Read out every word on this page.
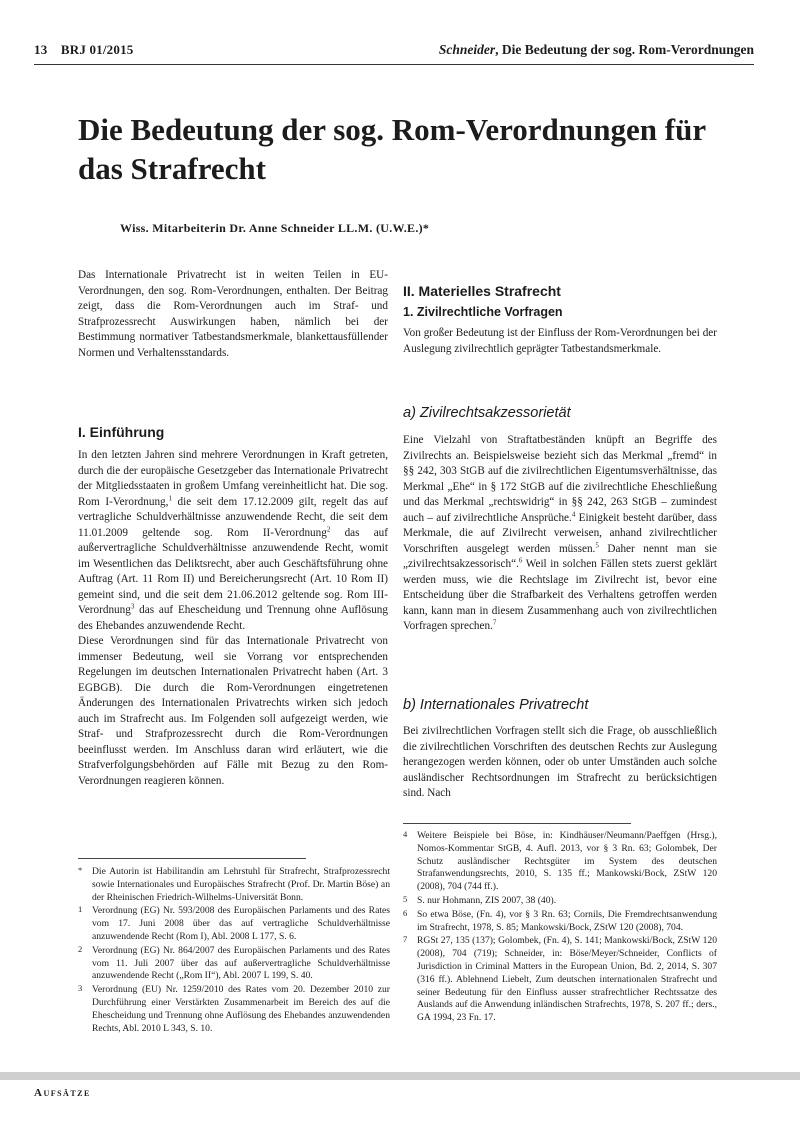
13 BRJ 01/2015	Schneider, Die Bedeutung der sog. Rom-Verordnungen
Die Bedeutung der sog. Rom-Verordnungen für das Strafrecht
Wiss. Mitarbeiterin Dr. Anne Schneider LL.M. (U.W.E.)*
Das Internationale Privatrecht ist in weiten Teilen in EU-Verordnungen, den sog. Rom-Verordnungen, enthalten. Der Beitrag zeigt, dass die Rom-Verordnungen auch im Straf- und Strafprozessrecht Auswirkungen haben, nämlich bei der Bestimmung normativer Tatbestandsmerkmale, blankettausfüllender Normen und Verhaltensstandards.
I. Einführung

In den letzten Jahren sind mehrere Verordnungen in Kraft getreten, durch die der europäische Gesetzgeber das Internationale Privatrecht der Mitgliedsstaaten in großem Umfang vereinheitlicht hat. Die sog. Rom I-Verordnung,$^1$ die seit dem 17.12.2009 gilt, regelt das auf vertragliche Schuldverhältnisse anzuwendende Recht, die seit dem 11.01.2009 geltende sog. Rom II-Verordnung$^2$ das auf außervertragliche Schuldverhältnisse anzuwendende Recht, womit im Wesentlichen das Deliktsrecht, aber auch Geschäftsführung ohne Auftrag (Art. 11 Rom II) und Bereicherungsrecht (Art. 10 Rom II) gemeint sind, und die seit dem 21.06.2012 geltende sog. Rom III-Verordnung$^3$ das auf Ehescheidung und Trennung ohne Auflösung des Ehebandes anzuwendende Recht.

Diese Verordnungen sind für das Internationale Privatrecht von immenser Bedeutung, weil sie Vorrang vor entsprechenden Regelungen im deutschen Internationalen Privatrecht haben (Art. 3 EGBGB). Die durch die Rom-Verordnungen eingetretenen Änderungen des Internationalen Privatrechts wirken sich jedoch auch im Strafrecht aus. Im Folgenden soll aufgezeigt werden, wie Straf- und Strafprozessrecht durch die Rom-Verordnungen beeinflusst werden. Im Anschluss daran wird erläutert, wie die Strafverfolgungsbehörden auf Fälle mit Bezug zu den Rom-Verordnungen reagieren können.

II. Materielles Strafrecht
1. Zivilrechtliche Vorfragen
Von großer Bedeutung ist der Einfluss der Rom-Verordnungen bei der Auslegung zivilrechtlich geprägter Tatbestandsmerkmale.
a) Zivilrechtsakzessorietät

Eine Vielzahl von Straftatbeständen knüpft an Begriffe des Zivilrechts an. Beispielsweise bezieht sich das Merkmal „fremd“ in §§ 242, 303 StGB auf die zivilrechtlichen Eigentumsverhältnisse, das Merkmal „Ehe“ in § 172 StGB auf die zivilrechtliche Eheschließung und das Merkmal „rechtswidrig“ in §§ 242, 263 StGB – zumindest auch – auf zivilrechtliche Ansprüche.$^4$ Einigkeit besteht darüber, dass Merkmale, die auf Zivilrecht verweisen, anhand zivilrechtlicher Vorschriften ausgelegt werden müssen.$^5$ Daher nennt man sie „zivilrechtsakzessorisch“.$^6$ Weil in solchen Fällen stets zuerst geklärt werden muss, wie die Rechtslage im Zivilrecht ist, bevor eine Entscheidung über die Strafbarkeit des Verhaltens getroffen werden kann, kann man in diesem Zusammenhang auch von zivilrechtlichen Vorfragen sprechen.$^7$

b) Internationales Privatrecht
Bei zivilrechtlichen Vorfragen stellt sich die Frage, ob ausschließlich die zivilrechtlichen Vorschriften des deutschen Rechts zur Auslegung herangezogen werden können, oder ob unter Umständen auch solche ausländischer Rechtsordnungen im Strafrecht zu berücksichtigen sind. Nach
* Die Autorin ist Habilitandin am Lehrstuhl für Strafrecht, Strafprozessrecht sowie Internationales und Europäisches Strafrecht (Prof. Dr. Martin Böse) an der Rheinischen Friedrich-Wilhelms-Universität Bonn.
1 Verordnung (EG) Nr. 593/2008 des Europäischen Parlaments und des Rates vom 17. Juni 2008 über das auf vertragliche Schuldverhältnisse anzuwendende Recht (Rom I), Abl. 2008 L 177, S. 6.
2 Verordnung (EG) Nr. 864/2007 des Europäischen Parlaments und des Rates vom 11. Juli 2007 über das auf außervertragliche Schuldverhältnisse anzuwendende Recht („Rom II“), Abl. 2007 L 199, S. 40.
3 Verordnung (EU) Nr. 1259/2010 des Rates vom 20. Dezember 2010 zur Durchführung einer Verstärkten Zusammenarbeit im Bereich des auf die Ehescheidung und Trennung ohne Auflösung des Ehebandes anzuwendenden Rechts, Abl. 2010 L 343, S. 10.
4 Weitere Beispiele bei Böse, in: Kindhäuser/Neumann/Paeffgen (Hrsg.), Nomos-Kommentar StGB, 4. Aufl. 2013, vor § 3 Rn. 63; Golombek, Der Schutz ausländischer Rechtsgüter im System des deutschen Strafanwendungsrechts, 2010, S. 135 ff.; Mankowski/Bock, ZStW 120 (2008), 704 (744 ff.).
5 S. nur Hohmann, ZIS 2007, 38 (40).
6 So etwa Böse, (Fn. 4), vor § 3 Rn. 63; Cornils, Die Fremdrechtsanwendung im Strafrecht, 1978, S. 85; Mankowski/Bock, ZStW 120 (2008), 704.
7 RGSt 27, 135 (137); Golombek, (Fn. 4), S. 141; Mankowski/Bock, ZStW 120 (2008), 704 (719); Schneider, in: Böse/Meyer/Schneider, Conflicts of Jurisdiction in Criminal Matters in the European Union, Bd. 2, 2014, S. 307 (316 ff.). Ablehnend Liebelt, Zum deutschen internationalen Strafrecht und seiner Bedeutung für den Einfluss ausser strafrechtlicher Rechtssatze des Auslands auf die Anwendung inländischen Strafrechts, 1978, S. 207 ff.; ders., GA 1994, 23 Fn. 17.
Aufsätze
